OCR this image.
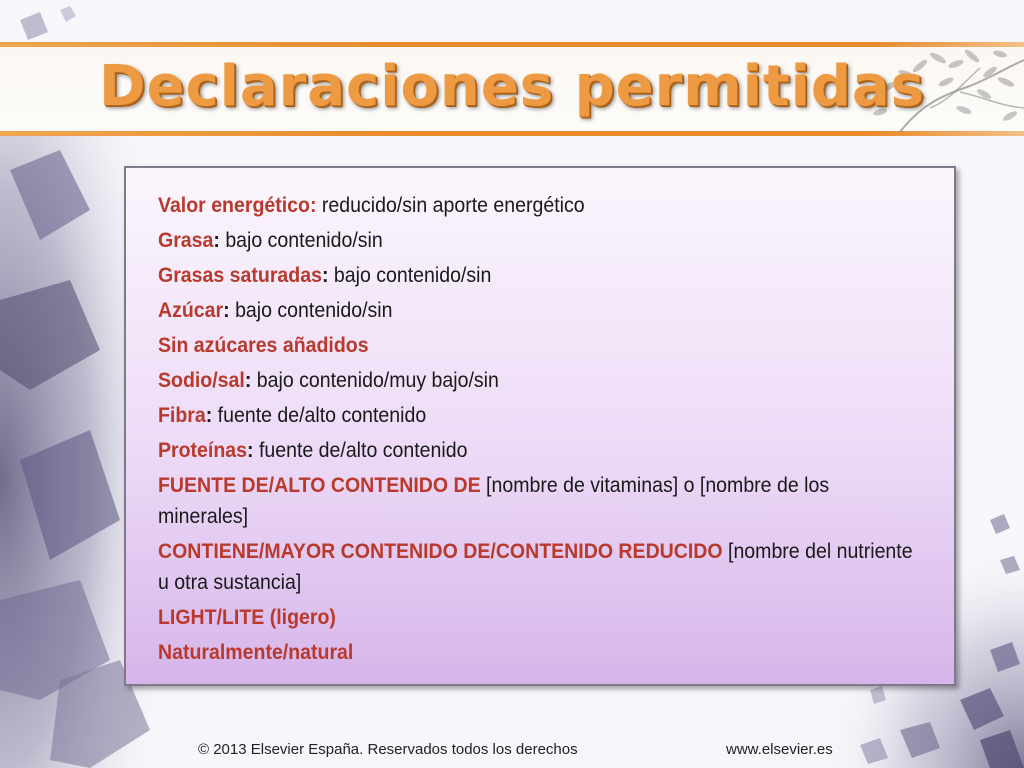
Declaraciones permitidas
Valor energético: reducido/sin aporte energético
Grasa: bajo contenido/sin
Grasas saturadas: bajo contenido/sin
Azúcar: bajo contenido/sin
Sin azúcares añadidos
Sodio/sal: bajo contenido/muy bajo/sin
Fibra: fuente de/alto contenido
Proteínas: fuente de/alto contenido
FUENTE DE/ALTO CONTENIDO DE [nombre de vitaminas] o [nombre de los minerales]
CONTIENE/MAYOR CONTENIDO DE/CONTENIDO REDUCIDO [nombre del nutriente u otra sustancia]
LIGHT/LITE (ligero)
Naturalmente/natural
© 2013 Elsevier España. Reservados todos los derechos	www.elsevier.es
